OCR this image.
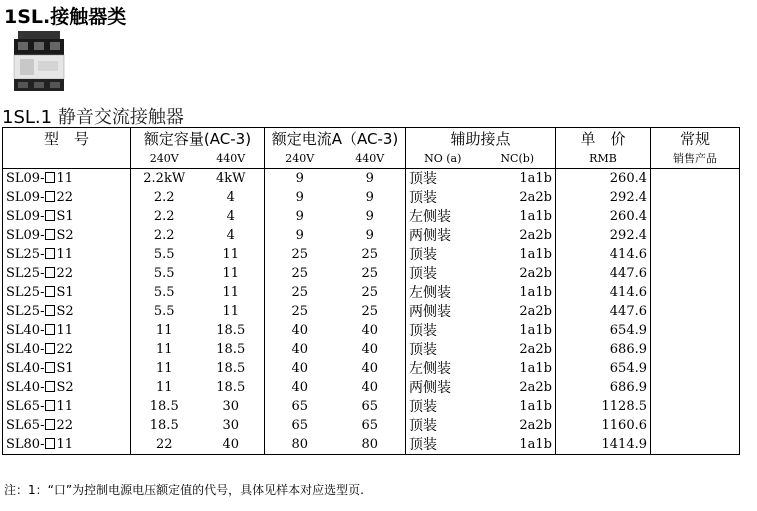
1SL.接触器类
1SL.1 静音交流接触器
型　号	额定容量(AC-3)		额定电流A（AC-3)		辅助接点		单　价	常规
	240V	440V	240V	440V	NO (a)	NC(b)	RMB	销售产品
SL09- 11	2.2kW	4kW	9	9	顶装	1a1b	260.4	
SL09- 22	2.2	4	9	9	顶装	2a2b	292.4	
SL09- S1	2.2	4	9	9	左侧装	1a1b	260.4	
SL09- S2	2.2	4	9	9	两侧装	2a2b	292.4	
SL25- 11	5.5	11	25	25	顶装	1a1b	414.6	
SL25- 22	5.5	11	25	25	顶装	2a2b	447.6	
SL25- S1	5.5	11	25	25	左侧装	1a1b	414.6	
SL25- S2	5.5	11	25	25	两侧装	2a2b	447.6	
SL40- 11	11	18.5	40	40	顶装	1a1b	654.9	
SL40- 22	11	18.5	40	40	顶装	2a2b	686.9	
SL40- S1	11	18.5	40	40	左侧装	1a1b	654.9	
SL40- S2	11	18.5	40	40	两侧装	2a2b	686.9	
SL65- 11	18.5	30	65	65	顶装	1a1b	1128.5	
SL65- 22	18.5	30	65	65	顶装	2a2b	1160.6	
SL80- 11	22	40	80	80	顶装	1a1b	1414.9	
注：1：“口”为控制电源电压额定值的代号，具体见样本对应选型页.
